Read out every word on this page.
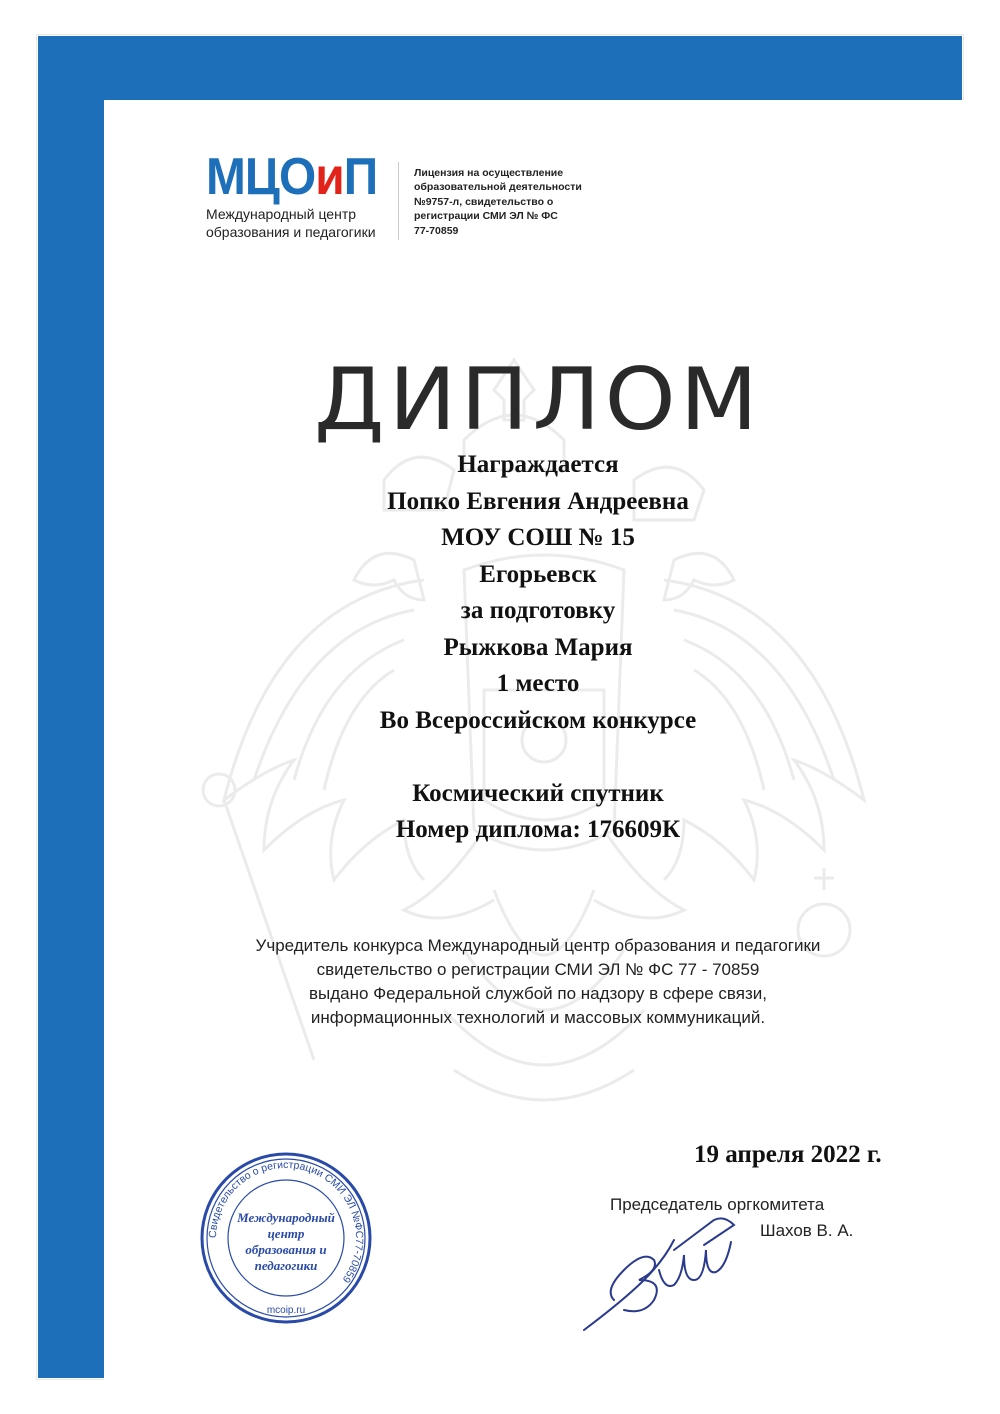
МЦОиП
Международный центр
образования и педагогики
Лицензия на осуществление
образовательной деятельности
№9757-л, свидетельство о
регистрации СМИ ЭЛ № ФС
77-70859
ДИПЛОМ
Награждается
Попко Евгения Андреевна
МОУ СОШ № 15
Егорьевск
за подготовку
Рыжкова Мария
1 место
Во Всероссийском конкурсе
Космический спутник
Номер диплома: 176609К
Учредитель конкурса Международный центр образования и педагогики
свидетельство о регистрации СМИ ЭЛ № ФС 77 - 70859
выдано Федеральной службой по надзору в сфере связи,
информационных технологий и массовых коммуникаций.
19 апреля 2022 г.
Председатель оргкомитета
Шахов В. А.
Свидетельство о регистрации СМИ ЭЛ №ФС77-70859
Международный
центр
образования и
педагогики
mcoip.ru
